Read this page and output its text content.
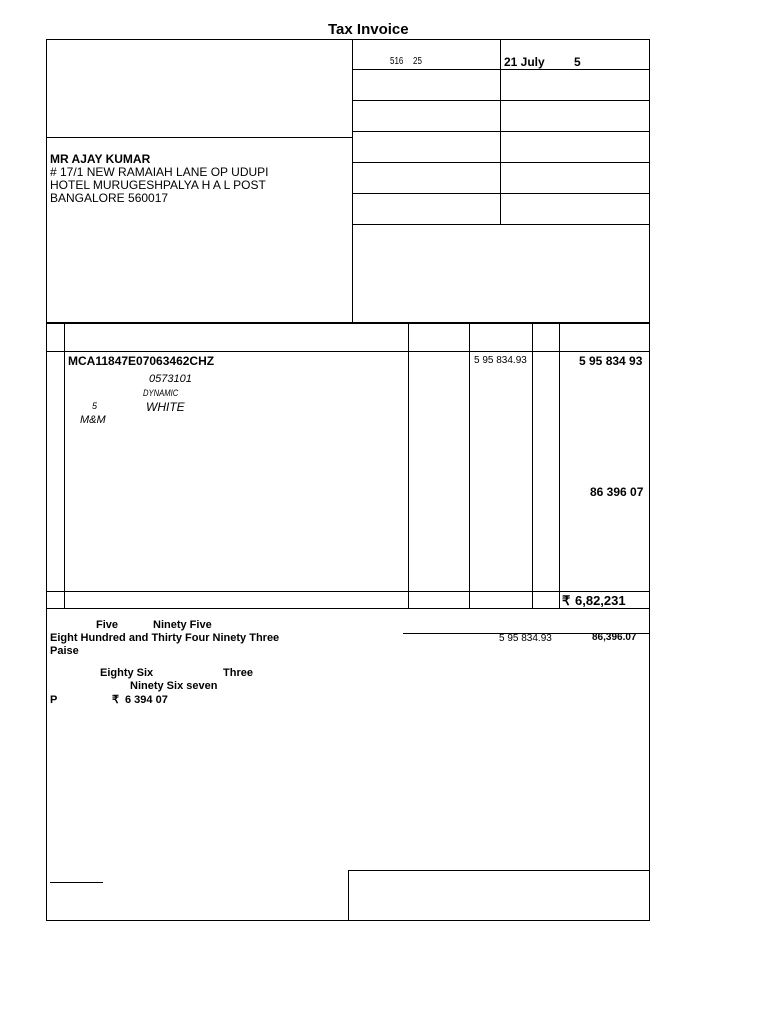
Tax Invoice
516 25	21 July 5
MR AJAY KUMAR
# 17/1 NEW RAMAIAH LANE OP UDUPI
HOTEL MURUGESHPALYA H A L POST
BANGALORE 560017
MCA11847E07063462CHZ
0573101
DYNAMIC
5	WHITE
M&M
5 95 834.93	5 95 834 93
86 396 07
₹ 6,82,231
Five	Ninety Five
Eight Hundred and Thirty Four Ninety Three
Paise
Eighty Six	Three
Ninety Six seven
P	₹ 6 394 07
5 95 834.93	86,396.07
